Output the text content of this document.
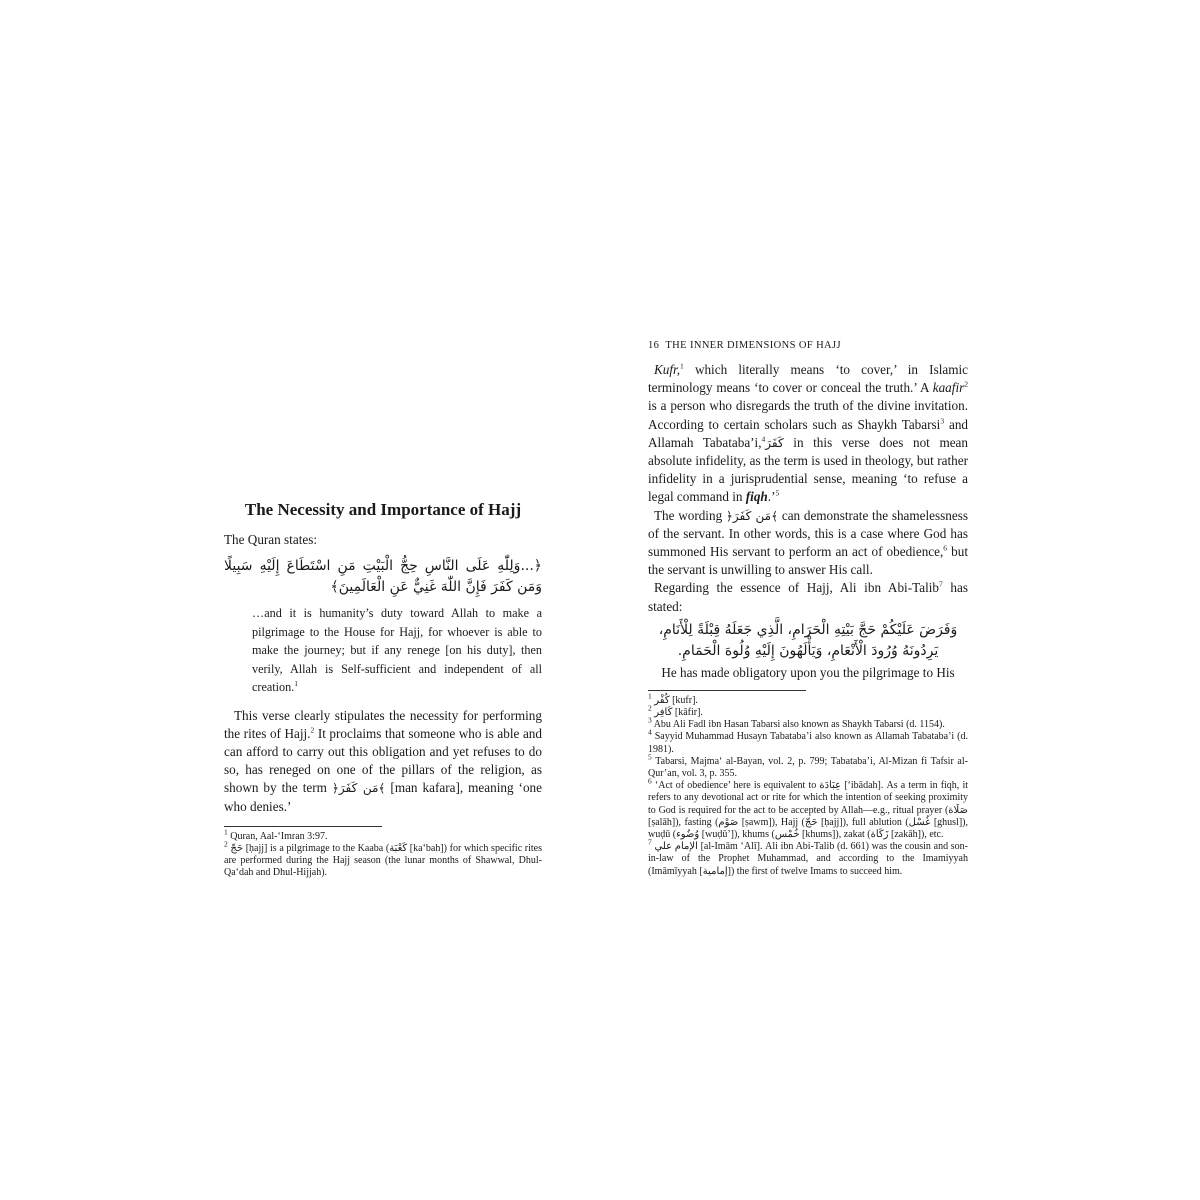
The Necessity and Importance of Hajj

The Quran states:

﴿...وَلِلّٰهِ عَلَى النَّاسِ حِجُّ الْبَيْتِ مَنِ اسْتَطَاعَ إِلَيْهِ سَبِيلًا وَمَن كَفَرَ فَإِنَّ اللّٰهَ غَنِيٌّ عَنِ الْعَالَمِينَ﴾

…and it is humanity’s duty toward Allah to make a pilgrimage to the House for Hajj, for whoever is able to make the journey; but if any renege [on his duty], then verily, Allah is Self-sufficient and independent of all creation.$^1$

This verse clearly stipulates the necessity for performing the rites of Hajj.$^2$ It proclaims that someone who is able and can afford to carry out this obligation and yet refuses to do so, has reneged on one of the pillars of the religion, as shown by the term ﴿مَن كَفَرَ﴾ [man kafara], meaning ‘one who denies.’

$^1$ Quran, Aal-‘Imran 3:97.
$^2$ حَجّ [ḥajj] is a pilgrimage to the Kaaba (كَعْبَة [ka‘bah]) for which specific rites are performed during the Hajj season (the lunar months of Shawwal, Dhul-Qa‘dah and Dhul-Hijjah).
16 THE INNER DIMENSIONS OF HAJJ

Kufr,$^1$ which literally means ‘to cover,’ in Islamic terminology means ‘to cover or conceal the truth.’ A kaafir$^2$ is a person who disregards the truth of the divine invitation. According to certain scholars such as Shaykh Tabarsi$^3$ and Allamah Tabataba’i,$^4$كَفَرَ in this verse does not mean absolute infidelity, as the term is used in theology, but rather infidelity in a jurisprudential sense, meaning ‘to refuse a legal command in fiqh.’$^5$

The wording ﴿مَن كَفَرَ﴾ can demonstrate the shamelessness of the servant. In other words, this is a case where God has summoned His servant to perform an act of obedience,$^6$ but the servant is unwilling to answer His call.

Regarding the essence of Hajj, Ali ibn Abi-Talib$^7$ has stated:

وَفَرَضَ عَلَيْكُمْ حَجَّ بَيْتِهِ الْحَرَامِ، الَّذِي جَعَلَهُ قِبْلَةً لِلْأَنَامِ، يَرِدُونَهُ وُرُودَ الْأَنْعَامِ، وَيَأْلَهُونَ إِلَيْهِ وُلُوهَ الْحَمَامِ.

He has made obligatory upon you the pilgrimage to His

$^1$ كُفْر [kufr].
$^2$ كَافِر [kāfir].
$^3$ Abu Ali Fadl ibn Hasan Tabarsi also known as Shaykh Tabarsi (d. 1154).
$^4$ Sayyid Muhammad Husayn Tabataba’i also known as Allamah Tabataba’i (d. 1981).
$^5$ Tabarsi, Majma‘ al-Bayan, vol. 2, p. 799; Tabataba’i, Al-Mizan fi Tafsir al-Qur’an, vol. 3, p. 355.
$^6$ ‘Act of obedience’ here is equivalent to عِبَادَة [‘ibādah]. As a term in fiqh, it refers to any devotional act or rite for which the intention of seeking proximity to God is required for the act to be accepted by Allah—e.g., ritual prayer (صَلَاة [ṣalāh]), fasting (صَوْم [ṣawm]), Hajj (حَجّ [ḥajj]), full ablution (غُسْل [ghusl]), wuḍū (وُضُوء [wuḍū’]), khums (خُمْس [khums]), zakat (زَكَاة [zakāh]), etc.
$^7$ الإمام علي [al-Imām ‘Alī]. Ali ibn Abi-Talib (d. 661) was the cousin and son-in-law of the Prophet Muhammad, and according to the Imamiyyah (Imāmīyyah [إمامية]) the first of twelve Imams to succeed him.
